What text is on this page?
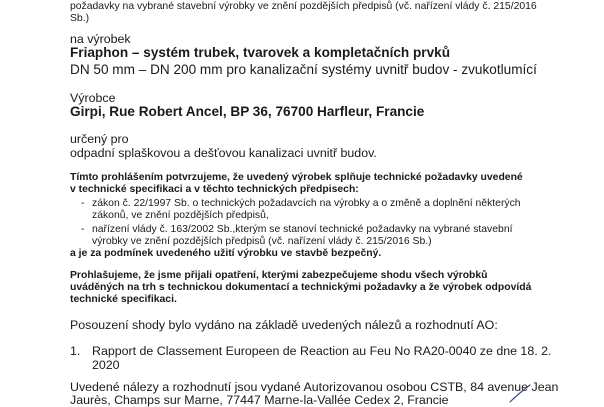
požadavky na vybrané stavební výrobky ve znění pozdějších předpisů (vč. nařízení vlády č. 215/2016
Sb.)
na výrobek
Friaphon – systém trubek, tvarovek a kompletačních prvků
DN 50 mm – DN 200 mm pro kanalizační systémy uvnitř budov - zvukotlumící
Výrobce
Girpi, Rue Robert Ancel, BP 36, 76700 Harfleur, Francie
určený pro
odpadní splaškovou a dešťovou kanalizaci uvnitř budov.
Tímto prohlášením potvrzujeme, že uvedený výrobek splňuje technické požadavky uvedené
v technické specifikaci a v těchto technických předpisech:
- zákon č. 22/1997 Sb. o technických požadavcích na výrobky a o změně a doplnění některých
zákonů, ve znění pozdějších předpisů,
- nařízení vlády č. 163/2002 Sb.,kterým se stanoví technické požadavky na vybrané stavební
výrobky ve znění pozdějších předpisů (vč. nařízení vlády č. 215/2016 Sb.)
a je za podmínek uvedeného užití výrobku ve stavbě bezpečný.
Prohlašujeme, že jsme přijali opatření, kterými zabezpečujeme shodu všech výrobků
uváděných na trh s technickou dokumentací a technickými požadavky a že výrobek odpovídá
technické specifikaci.
Posouzení shody bylo vydáno na základě uvedených nálezů a rozhodnutí AO:
1. Rapport de Classement Europeen de Reaction au Feu No RA20-0040 ze dne 18. 2.
2020
Uvedené nálezy a rozhodnutí jsou vydané Autorizovanou osobou CSTB, 84 avenue Jean
Jaurès, Champs sur Marne, 77447 Marne-la-Vallée Cedex 2, Francie
